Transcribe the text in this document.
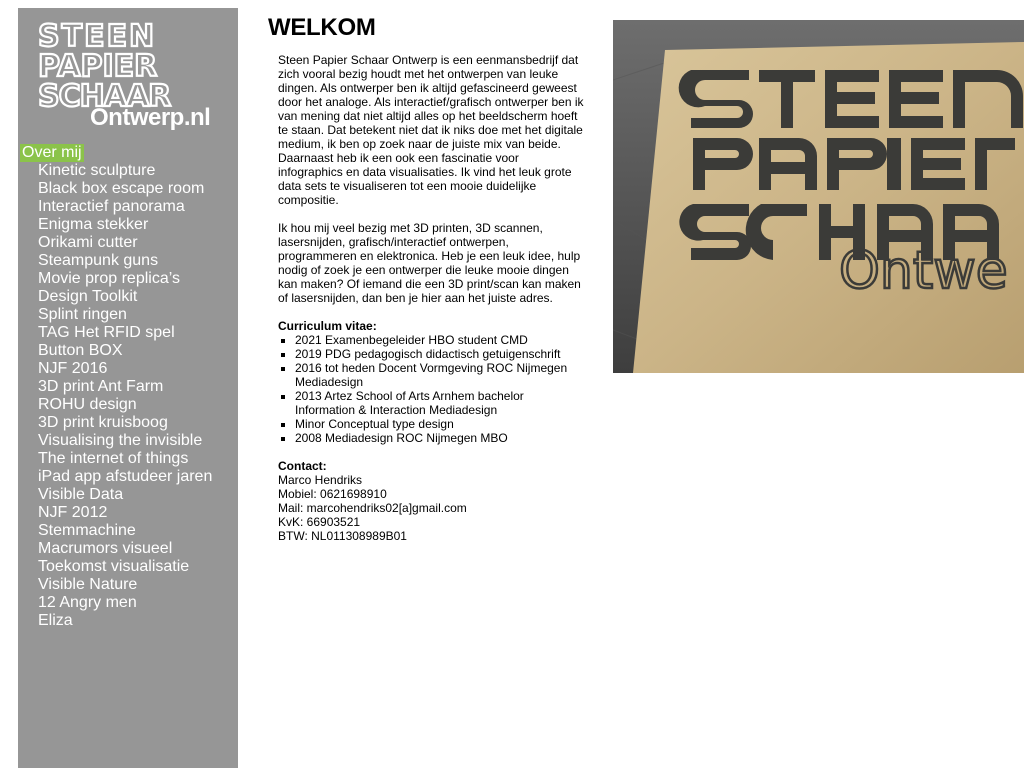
STEEN
PAPIER
SCHAAR
Ontwerp.nl
Over mij
Kinetic sculpture
Black box escape room
Interactief panorama
Enigma stekker
Orikami cutter
Steampunk guns
Movie prop replica’s
Design Toolkit
Splint ringen
TAG Het RFID spel
Button BOX
NJF 2016
3D print Ant Farm
ROHU design
3D print kruisboog
Visualising the invisible
The internet of things
iPad app afstudeer jaren
Visible Data
NJF 2012
Stemmachine
Macrumors visueel
Toekomst visualisatie
Visible Nature
12 Angry men
Eliza
WELKOM

Steen Papier Schaar Ontwerp is een eenmansbedrijf dat zich vooral bezig houdt met het ontwerpen van leuke dingen. Als ontwerper ben ik altijd gefascineerd geweest door het analoge. Als interactief/grafisch ontwerper ben ik van mening dat niet altijd alles op het beeldscherm hoeft te staan. Dat betekent niet dat ik niks doe met het digitale medium, ik ben op zoek naar de juiste mix van beide. Daarnaast heb ik een ook een fascinatie voor infographics en data visualisaties. Ik vind het leuk grote data sets te visualiseren tot een mooie duidelijke compositie.

Ik hou mij veel bezig met 3D printen, 3D scannen, lasersnijden, grafisch/interactief ontwerpen, programmeren en elektronica. Heb je een leuk idee, hulp nodig of zoek je een ontwerper die leuke mooie dingen kan maken? Of iemand die een 3D print/scan kan maken of lasersnijden, dan ben je hier aan het juiste adres.

Curriculum vitae:
▪ 2021 Examenbegeleider HBO student CMD
▪ 2019 PDG pedagogisch didactisch getuigenschrift
▪ 2016 tot heden Docent Vormgeving ROC Nijmegen Mediadesign
▪ 2013 Artez School of Arts Arnhem bachelor Information & Interaction Mediadesign
▪ Minor Conceptual type design
▪ 2008 Mediadesign ROC Nijmegen MBO
Contact:
Marco Hendriks
Mobiel: 0621698910
Mail: marcohendriks02[a]gmail.com
KvK: 66903521
BTW: NL011308989B01
Ontwe
